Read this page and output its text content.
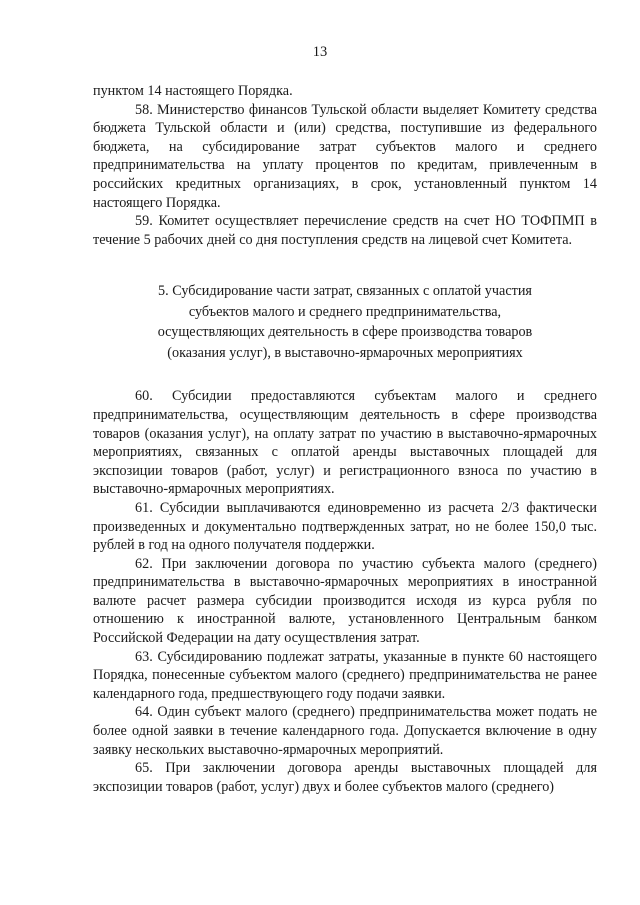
13

пунктом 14 настоящего Порядка.

58. Министерство финансов Тульской области выделяет Комитету средства бюджета Тульской области и (или) средства, поступившие из федерального бюджета, на субсидирование затрат субъектов малого и среднего предпринимательства на уплату процентов по кредитам, привлеченным в российских кредитных организациях, в срок, установленный пунктом 14 настоящего Порядка.

59. Комитет осуществляет перечисление средств на счет НО ТОФПМП в течение 5 рабочих дней со дня поступления средств на лицевой счет Комитета.

5. Субсидирование части затрат, связанных с оплатой участия
субъектов малого и среднего предпринимательства,
осуществляющих деятельность в сфере производства товаров
(оказания услуг), в выставочно-ярмарочных мероприятиях

60. Субсидии предоставляются субъектам малого и среднего предпринимательства, осуществляющим деятельность в сфере производства товаров (оказания услуг), на оплату затрат по участию в выставочно-ярмарочных мероприятиях, связанных с оплатой аренды выставочных площадей для экспозиции товаров (работ, услуг) и регистрационного взноса по участию в выставочно-ярмарочных мероприятиях.

61. Субсидии выплачиваются единовременно из расчета 2/3 фактически произведенных и документально подтвержденных затрат, но не более 150,0 тыс. рублей в год на одного получателя поддержки.

62. При заключении договора по участию субъекта малого (среднего) предпринимательства в выставочно-ярмарочных мероприятиях в иностранной валюте расчет размера субсидии производится исходя из курса рубля по отношению к иностранной валюте, установленного Центральным банком Российской Федерации на дату осуществления затрат.

63. Субсидированию подлежат затраты, указанные в пункте 60 настоящего Порядка, понесенные субъектом малого (среднего) предпринимательства не ранее календарного года, предшествующего году подачи заявки.

64. Один субъект малого (среднего) предпринимательства может подать не более одной заявки в течение календарного года. Допускается включение в одну заявку нескольких выставочно-ярмарочных мероприятий.

65. При заключении договора аренды выставочных площадей для экспозиции товаров (работ, услуг) двух и более субъектов малого (среднего)
